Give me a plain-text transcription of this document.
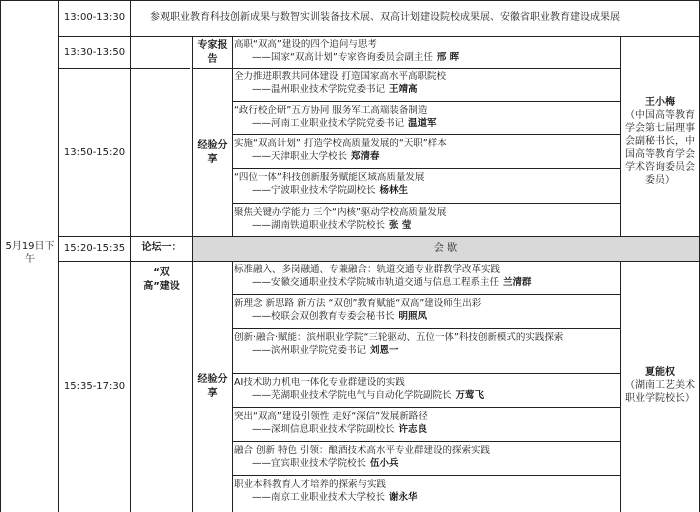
5月19日下午
13:00-13:30	参观职业教育科技创新成果与数智实训装备技术展、双高计划建设院校成果展、安徽省职业教育建设成果展
13:30-13:50
专家报告
高职“双高”建设的四个追问与思考
——国家“双高计划”专家咨询委员会副主任 邢 晖
论坛一：
“双高”建设
13:50-15:20
经验分享
全力推进职教共同体建设 打造国家高水平高职院校
——温州职业技术学院党委书记 王靖高
“政行校企研”五方协同 服务军工高端装备制造
——河南工业职业技术学院党委书记 温道军
实施“双高计划” 打造学校高质量发展的“天职”样本
——天津职业大学校长 郑清春
“四位一体”科技创新服务赋能区域高质量发展
——宁波职业技术学院副校长 杨林生
聚焦关键办学能力 三个“内核”驱动学校高质量发展
——湖南铁道职业技术学院校长 张 莹
王小梅
（中国高等教育学会第七届理事会副秘书长，中国高等教育学会学术咨询委员会委员）
15:20-15:35	会 歇
15:35-17:30
经验分享
标准融入、多岗融通、专兼融合：轨道交通专业群教学改革实践
——安徽交通职业技术学院城市轨道交通与信息工程系主任 兰清群
新理念 新思路 新方法 “双创”教育赋能“双高”建设师生出彩
——校联会双创教育专委会秘书长 明照凤
创新·融合·赋能：滨州职业学院“三轮驱动、五位一体”科技创新模式的实践探索
——滨州职业学院党委书记 刘恩一
AI技术助力机电一体化专业群建设的实践
——芜湖职业技术学院电气与自动化学院副院长 万莺飞
突出“双高”建设引领性 走好“深信”发展新路径
——深圳信息职业技术学院副校长 许志良
融合 创新 特色 引领：酿酒技术高水平专业群建设的探索实践
——宜宾职业技术学院校长 伍小兵
职业本科教育人才培养的探索与实践
——南京工业职业技术大学校长 谢永华
夏能权
（湖南工艺美术职业学院校长）
